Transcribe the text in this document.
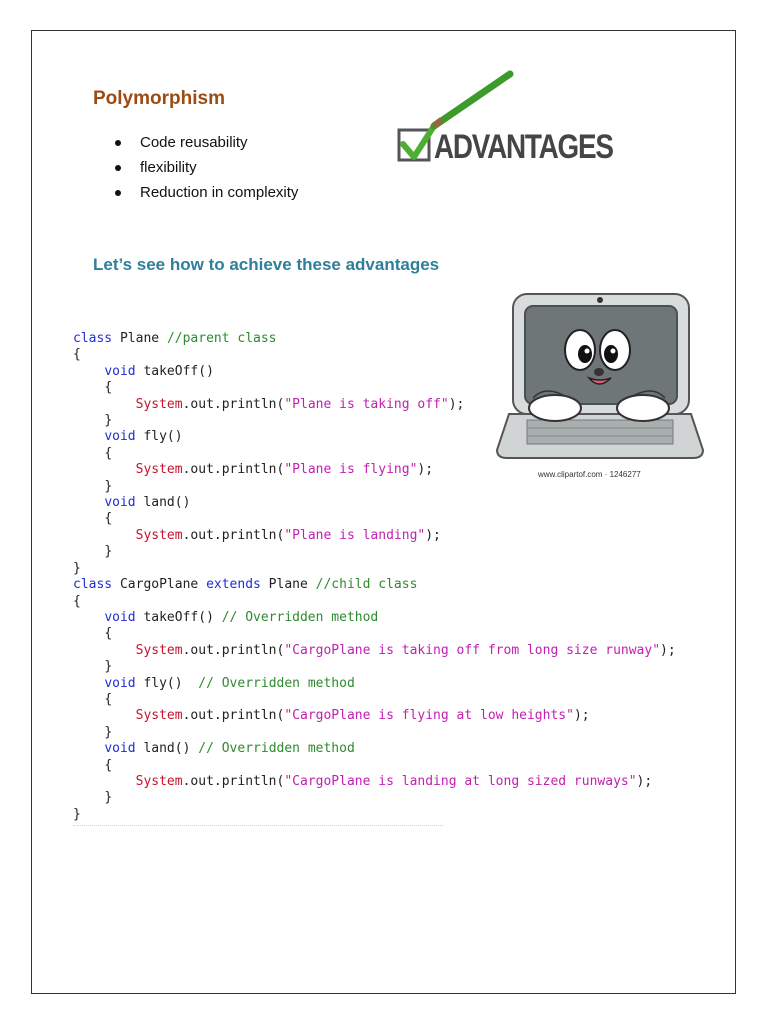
Polymorphism
Code reusability
flexibility
Reduction in complexity
ADVANTAGES
Let’s see how to achieve these advantages
class Plane //parent class
{
void takeOff()
{
System.out.println("Plane is taking off");
}
void fly()
{
System.out.println("Plane is flying");
}
void land()
{
System.out.println("Plane is landing");
}
}
class CargoPlane extends Plane //child class
{
void takeOff() // Overridden method
{
System.out.println("CargoPlane is taking off from long size runway");
}
void fly()  // Overridden method
{
System.out.println("CargoPlane is flying at low heights");
}
void land() // Overridden method
{
System.out.println("CargoPlane is landing at long sized runways");
}
}
www.clipartof.com · 1246277
